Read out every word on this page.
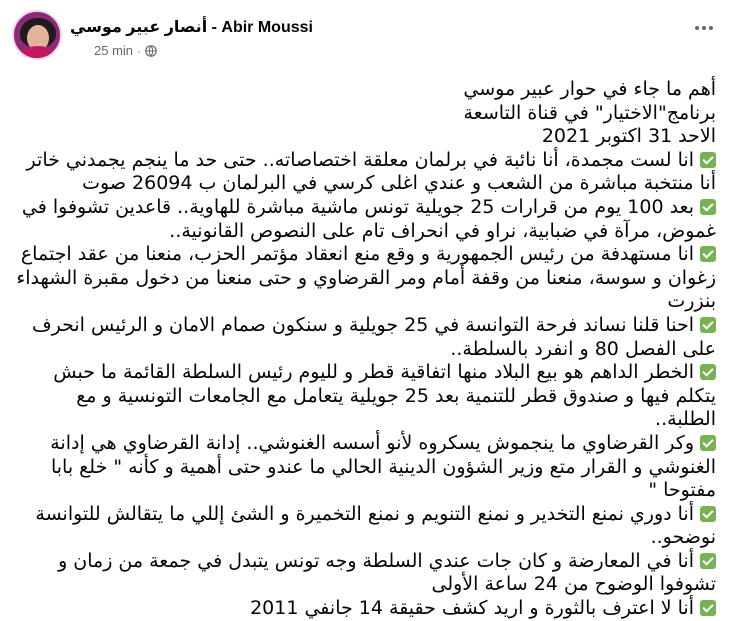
أنصار عبير موسي - Abir Moussi
25 min ·
أهم ما جاء في حوار عبير موسي
برنامج"الاختيار" في قناة التاسعة
الاحد 31 اكتوبر 2021
انا لست مجمدة، أنا نائبة في برلمان معلقة اختصاصاته.. حتى حد ما ينجم يجمدني خاتر أنا منتخبة مباشرة من الشعب و عندي اغلى كرسي في البرلمان ب 26094 صوت
بعد 100 يوم من قرارات 25 جويلية تونس ماشية مباشرة للهاوية.. قاعدين تشوفوا في غموض، مرآة في ضبابية، نراو في انحراف تام على النصوص القانونية..
انا مستهدفة من رئيس الجمهورية و وقع منع انعقاد مؤتمر الحزب، منعنا من عقد اجتماع زغوان و سوسة، منعنا من وقفة أمام ومر القرضاوي و حتى منعنا من دخول مقبرة الشهداء بنزرت
احنا قلنا نساند فرحة التوانسة في 25 جويلية و سنكون صمام الامان و الرئيس انحرف على الفصل 80 و انفرد بالسلطة..
الخطر الداهم هو بيع البلاد منها اتفاقية قطر و لليوم رئيس السلطة القائمة ما حبش يتكلم فيها و صندوق قطر للتنمية بعد 25 جويلية يتعامل مع الجامعات التونسية و مع الطلبة..
وكر القرضاوي ما ينجموش يسكروه لأنو أسسه الغنوشي.. إدانة القرضاوي هي إدانة الغنوشي و القرار متع وزير الشؤون الدينية الحالي ما عندو حتى أهمية و كأنه " خلع بابا مفتوحا "
أنا دوري نمنع التخدير و نمنع التنويم و نمنع التخميرة و الشئ إللي ما يتقالش للتوانسة نوضحو..
أنا في المعارضة و كان جات عندي السلطة وجه تونس يتبدل في جمعة من زمان و تشوفوا الوضوح من 24 ساعة الأولى
أنا لا اعترف بالثورة و اريد كشف حقيقة 14 جانفي 2011
